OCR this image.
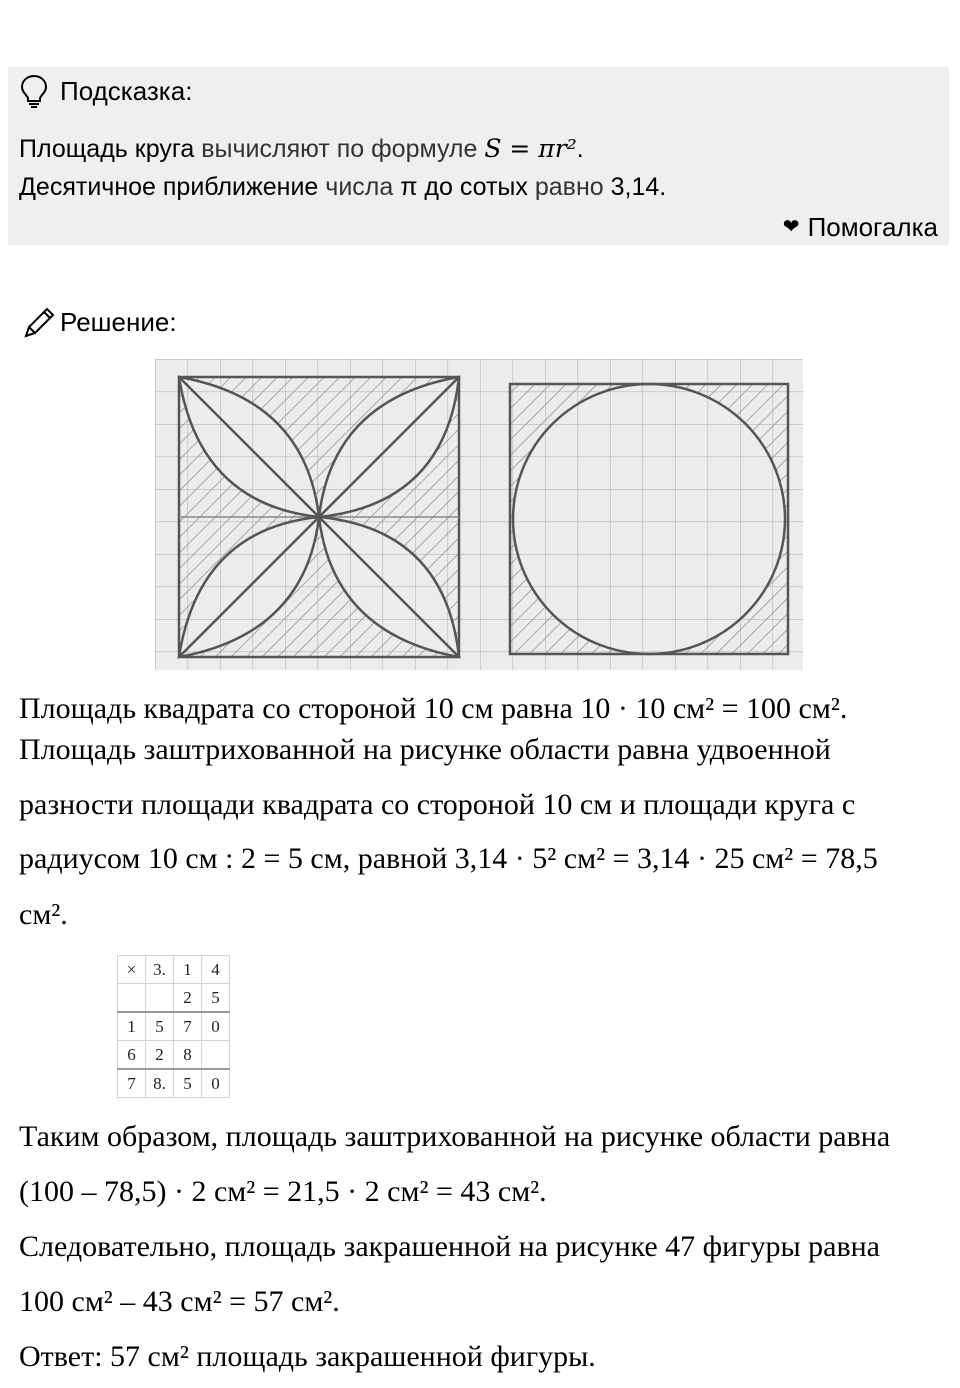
Подсказка:
Площадь круга вычисляют по формуле S = πr².
Десятичное приближение числа π до сотых равно 3,14.
❤ Помогалка
Решение:
Площадь квадрата со стороной 10 см равна 10 · 10 см² = 100 см².
Площадь заштрихованной на рисунке области равна удвоенной
разности площади квадрата со стороной 10 см и площади круга с
радиусом 10 см : 2 = 5 см, равной 3,14 · 5² см² = 3,14 · 25 см² = 78,5
см².
×	3.	1	4
		2	5
1	5	7	0
6	2	8	
7	8.	5	0
Таким образом, площадь заштрихованной на рисунке области равна
(100 – 78,5) · 2 см² = 21,5 · 2 см² = 43 см².
Следовательно, площадь закрашенной на рисунке 47 фигуры равна
100 см² – 43 см² = 57 см².
Ответ: 57 см² площадь закрашенной фигуры.
